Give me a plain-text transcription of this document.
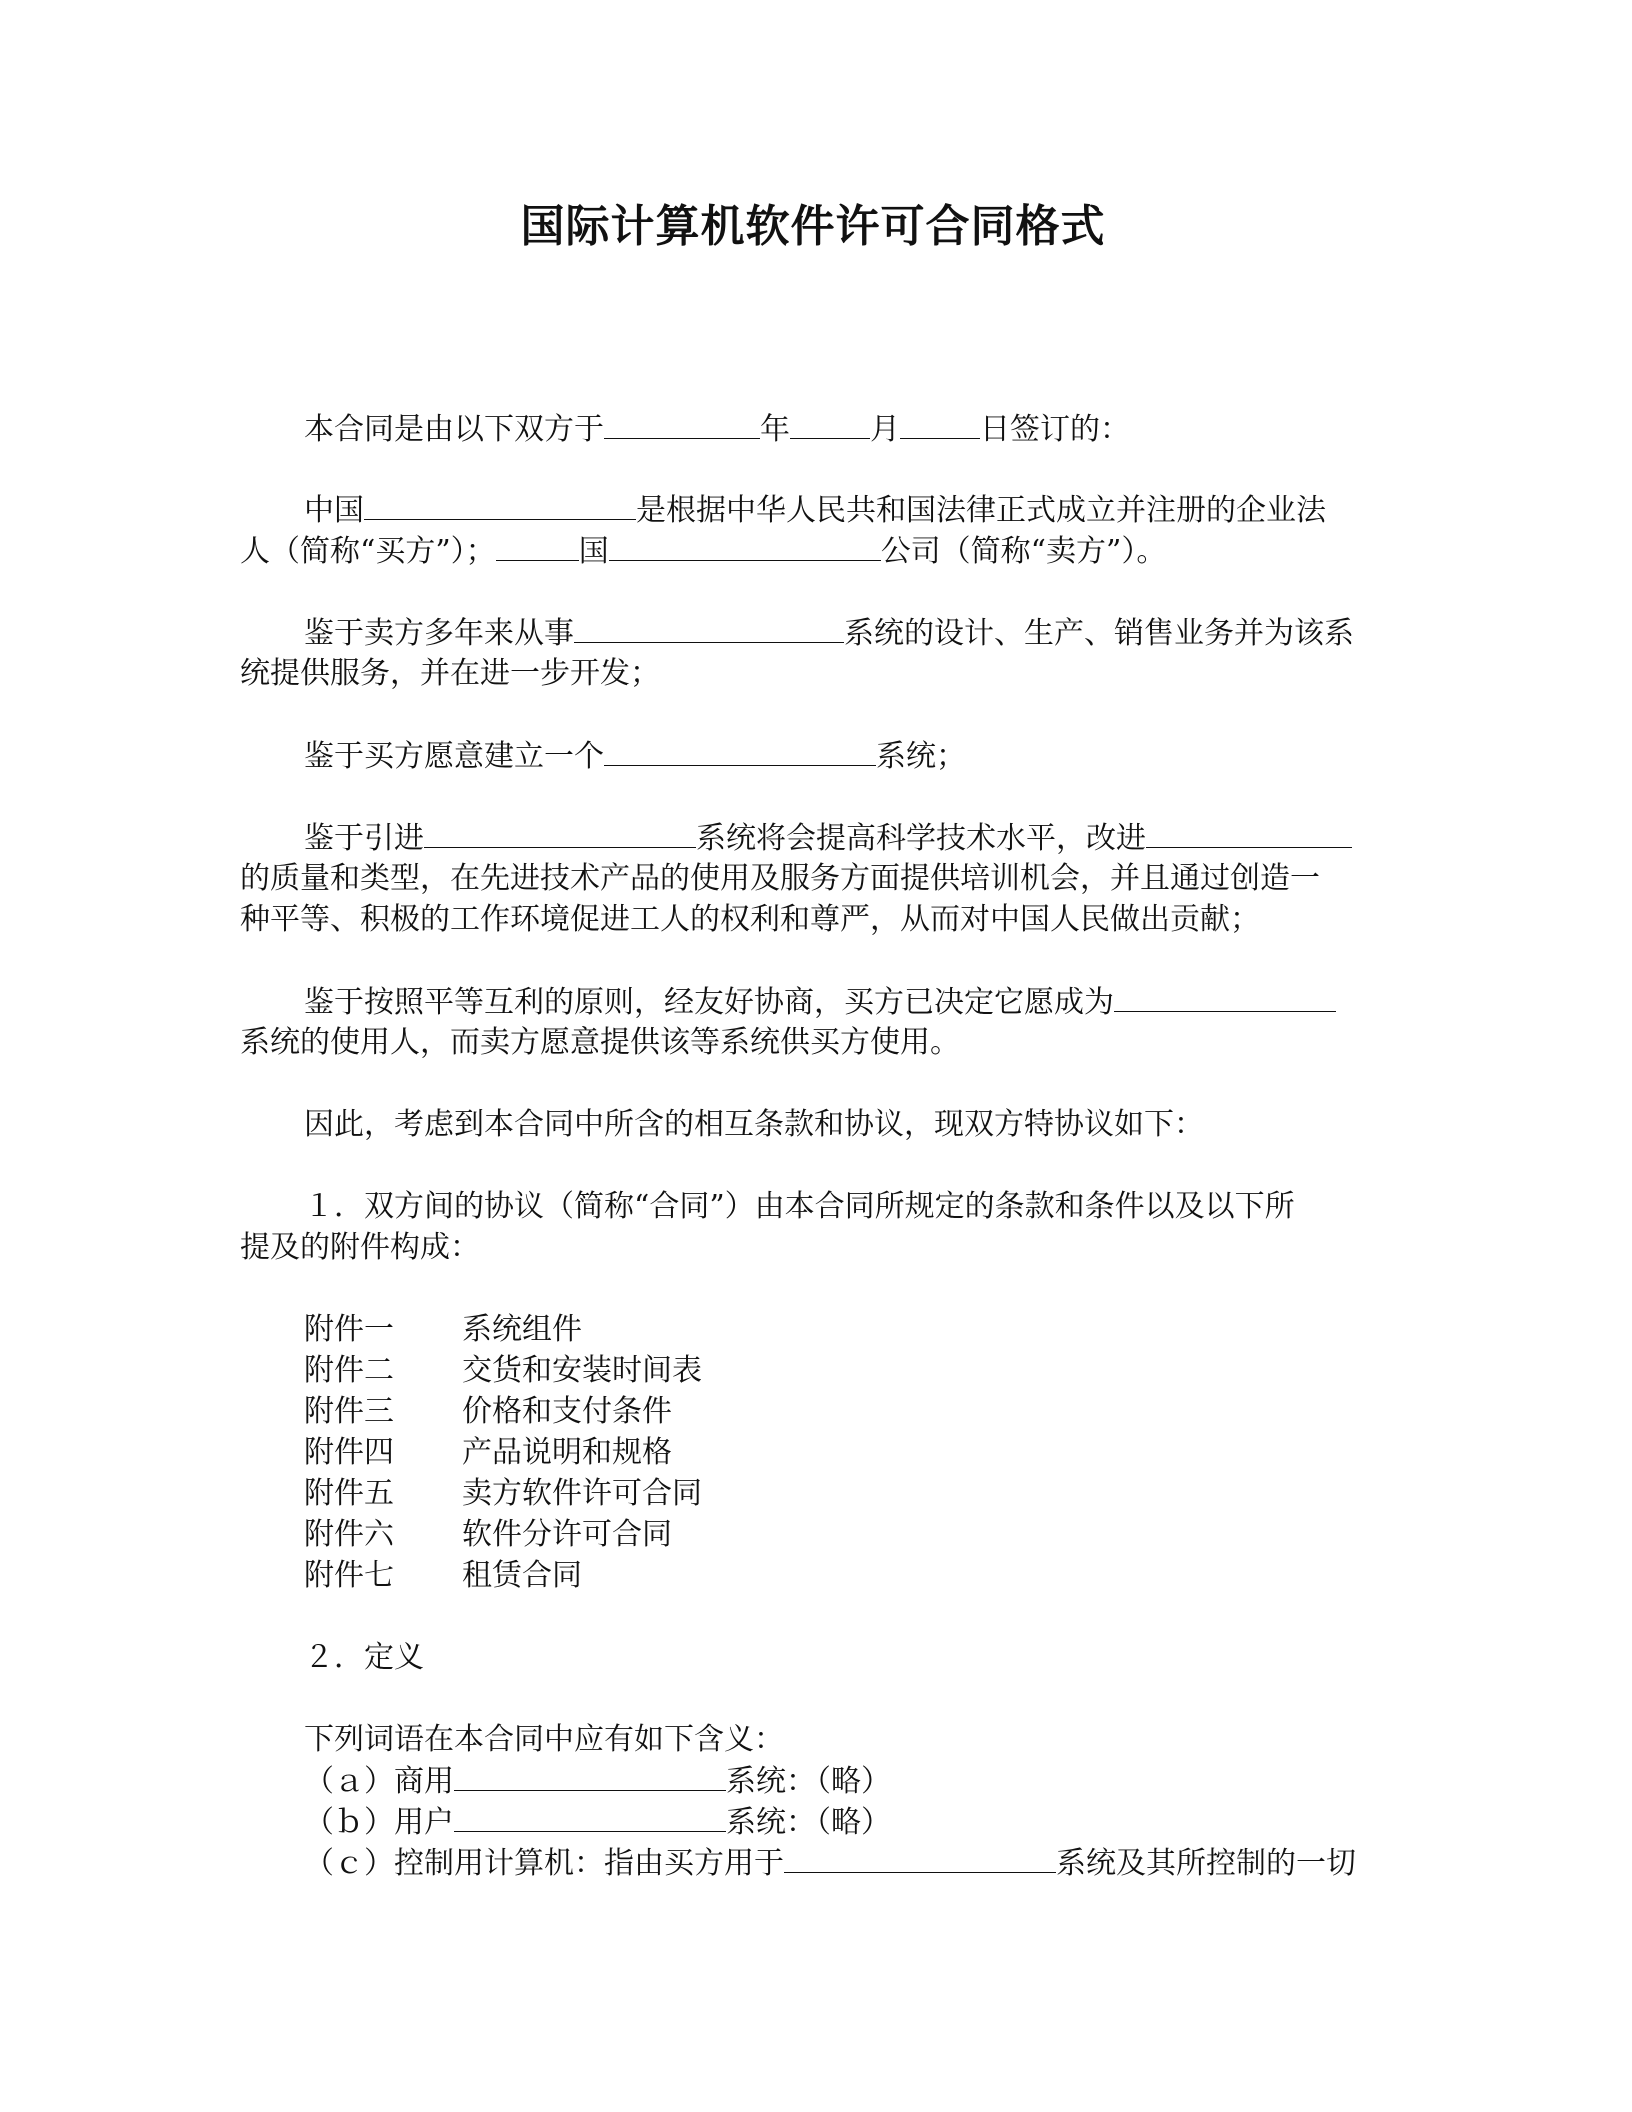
国际计算机软件许可合同格式

本合同是由以下双方于	年	月	日签订的：

中国	是根据中华人民共和国法律正式成立并注册的企业法

人（简称“买方”）；	国	公司（简称“卖方”）。

鉴于卖方多年来从事	系统的设计、生产、销售业务并为该系

统提供服务，并在进一步开发；

鉴于买方愿意建立一个	系统；

鉴于引进	系统将会提高科学技术水平，改进

的质量和类型，在先进技术产品的使用及服务方面提供培训机会，并且通过创造一

种平等、积极的工作环境促进工人的权利和尊严，从而对中国人民做出贡献；

鉴于按照平等互利的原则，经友好协商，买方已决定它愿成为

系统的使用人，而卖方愿意提供该等系统供买方使用。

因此，考虑到本合同中所含的相互条款和协议，现双方特协议如下：

１．双方间的协议（简称“合同”）由本合同所规定的条款和条件以及以下所

提及的附件构成：

附件一 系统组件
附件二 交货和安装时间表
附件三 价格和支付条件
附件四 产品说明和规格
附件五 卖方软件许可合同
附件六 软件分许可合同
附件七 租赁合同

２．定义

下列词语在本合同中应有如下含义：

（ａ）商用	系统：（略）

（ｂ）用户	系统：（略）

（ｃ）控制用计算机：指由买方用于	系统及其所控制的一切
